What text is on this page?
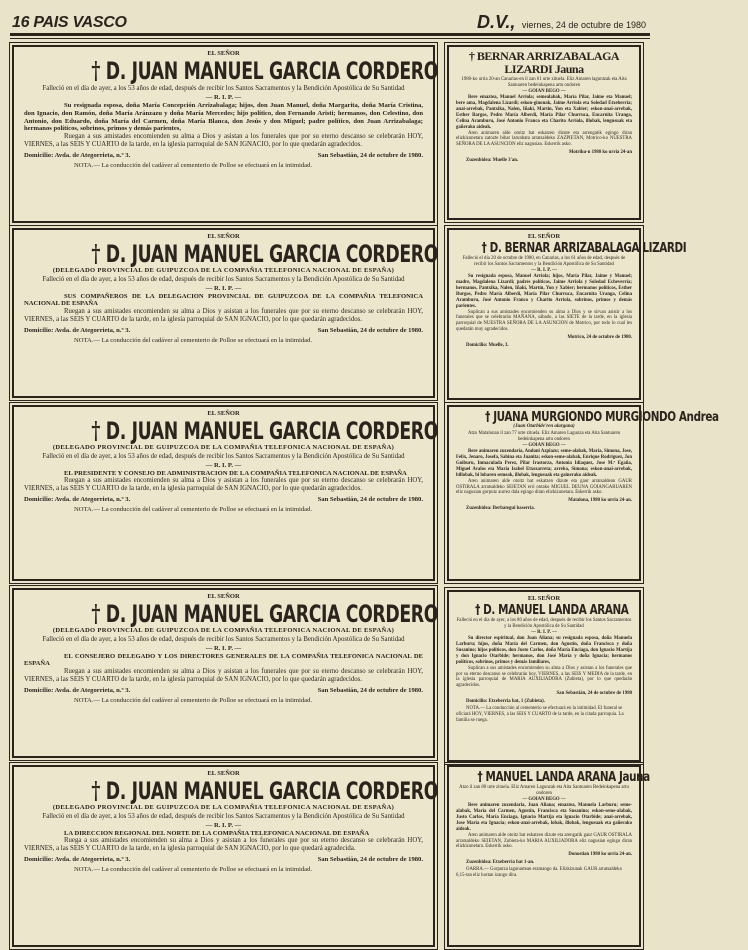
16 PAIS VASCO	D.V., viernes, 24 de octubre de 1980
EL SEÑOR
† D. JUAN MANUEL GARCIA CORDERO
Falleció en el día de ayer, a los 53 años de edad, después de recibir los Santos Sacramentos y la Bendición Apostólica de Su Santidad
— R. I. P. —
Su resignada esposa, doña María Concepción Arrizabalaga; hijos, don Juan Manuel, doña Margarita, doña María Cristina, don Ignacio, don Ramón, doña María Aránzazu y doña María Mercedes; hijo político, don Fernando Aristi; hermanos, don Celestino, don Antonio, don Eduardo, doña María del Carmen, doña María Blanca, don Jesús y don Miguel; padre político, don Juan Arrizabalaga; hermanos políticos, sobrinos, primos y demás parientes,
Ruegan a sus amistades encomienden su alma a Dios y asistan a los funerales que por su eterno descanso se celebrarán HOY, VIERNES, a las SEIS Y CUARTO de la tarde, en la iglesia parroquial de SAN IGNACIO, por lo que quedarán agradecidos.
Domicilio: Avda. de Ategorrieta, n.º 3.	San Sebastián, 24 de octubre de 1980.
NOTA.— La conducción del cadáver al cementerio de Polloe se efectuará en la intimidad.
EL SEÑOR
† D. JUAN MANUEL GARCIA CORDERO
(DELEGADO PROVINCIAL DE GUIPUZCOA DE LA COMPAÑIA TELEFONICA NACIONAL DE ESPAÑA)
Falleció en el día de ayer, a los 53 años de edad, después de recibir los Santos Sacramentos y la Bendición Apostólica de Su Santidad
— R. I. P. —
SUS COMPAÑEROS DE LA DELEGACION PROVINCIAL DE GUIPUZCOA DE LA COMPAÑIA TELEFONICA NACIONAL DE ESPAÑA
Ruegan a sus amistades encomienden su alma a Dios y asistan a los funerales que por su eterno descanso se celebrarán HOY, VIERNES, a las SEIS Y CUARTO de la tarde, en la iglesia parroquial de SAN IGNACIO, por lo que quedarán agradecidos.
Domicilio: Avda. de Ategorrieta, n.º 3.	San Sebastián, 24 de octubre de 1980.
NOTA.— La conducción del cadáver al cementerio de Polloe se efectuará en la intimidad.
EL SEÑOR
† D. JUAN MANUEL GARCIA CORDERO
(DELEGADO PROVINCIAL DE GUIPUZCOA DE LA COMPAÑIA TELEFONICA NACIONAL DE ESPAÑA)
Falleció en el día de ayer, a los 53 años de edad, después de recibir los Santos Sacramentos y la Bendición Apostólica de Su Santidad
— R. I. P. —
EL PRESIDENTE Y CONSEJO DE ADMINISTRACION DE LA COMPAÑIA TELEFONICA NACIONAL DE ESPAÑA
Ruegan a sus amistades encomienden su alma a Dios y asistan a los funerales que por su eterno descanso se celebrarán HOY, VIERNES, a las SEIS Y CUARTO de la tarde, en la iglesia parroquial de SAN IGNACIO, por lo que quedarán agradecidos.
Domicilio: Avda. de Ategorrieta, n.º 3.	San Sebastián, 24 de octubre de 1980.
NOTA.— La conducción del cadáver al cementerio de Polloe se efectuará en la intimidad.
EL SEÑOR
† D. JUAN MANUEL GARCIA CORDERO
(DELEGADO PROVINCIAL DE GUIPUZCOA DE LA COMPAÑIA TELEFONICA NACIONAL DE ESPAÑA)
Falleció en el día de ayer, a los 53 años de edad, después de recibir los Santos Sacramentos y la Bendición Apostólica de Su Santidad
— R. I. P. —
EL CONSEJERO DELEGADO Y LOS DIRECTORES GENERALES DE LA COMPAÑIA TELEFONICA NACIONAL DE ESPAÑA
Ruegan a sus amistades encomienden su alma a Dios y asistan a los funerales que por su eterno descanso se celebrarán HOY, VIERNES, a las SEIS Y CUARTO de la tarde, en la iglesia parroquial de SAN IGNACIO, por lo que quedarán agradecidos.
Domicilio: Avda. de Ategorrieta, n.º 3.	San Sebastián, 24 de octubre de 1980.
NOTA.— La conducción del cadáver al cementerio de Polloe se efectuará en la intimidad.
EL SEÑOR
† D. JUAN MANUEL GARCIA CORDERO
(DELEGADO PROVINCIAL DE GUIPUZCOA DE LA COMPAÑIA TELEFONICA NACIONAL DE ESPAÑA)
Falleció en el día de ayer, a los 53 años de edad, después de recibir los Santos Sacramentos y la Bendición Apostólica de Su Santidad
— R. I. P. —
LA DIRECCION REGIONAL DEL NORTE DE LA COMPAÑIA TELEFONICA NACIONAL DE ESPAÑA
Ruega a sus amistades encomienden su alma a Dios y asistan a los funerales que por su eterno descanso se celebrarán HOY, VIERNES, a las SEIS Y CUARTO de la tarde, en la iglesia parroquial de SAN IGNACIO, por lo que quedará agradecida.
Domicilio: Avda. de Ategorrieta, n.º 3.	San Sebastián, 24 de octubre de 1980.
NOTA.— La conducción del cadáver al cementerio de Polloe se efectuará en la intimidad.
† BERNAR ARRIZABALAGA LIZARDI Jauna
1980-ko urria 20-an Canarias-en il zan 61 urte zituela. Eliz Amaren laguntzak eta Aita Santuaren bedeinkapena artu ondoren
— GOIAN BEGO —
Bere emaztea, Manuel Arriola; semealabak, María Pilar, Jaime eta Manuel; bere ama, Magdalena Lizardi; eskon-ginonak, Jaime Arriola eta Soledad Etxeberria; anai-arrebak, Pantxika, Nalen, Iñaki, Martin, Yon eta Xabier; eskon-anai-arrebak, Esther Bargos, Pedro María Alberdi, María Pilar Churruca, Encarnita Uranga, Celina Aramburu, José Antonio Franco eta Charito Arriola, illobak, lengusuak eta gañerako aideak.
Aren animaren alde otoitz bat eskatzen dizute eta arrengatik egingo diran elizkizunetara zatozte bihar larunbata arratsaldeko ZAZPIETAN, Motrico-ko NUESTRA SEÑORA DE LA ASUNCION eliz nagusian. Eskerrik asko.
Motriku-n 1980 ko urria 24-an
Zuzenbidea: Muelle 3'an.
EL SEÑOR
† D. BERNAR ARRIZABALAGA LIZARDI
Falleció el día 20 de octubre de 1980, en Canarias, a los 61 años de edad, después de recibir los Santos Sacramentos y la Bendición Apostólica de Su Santidad
— R. I. P. —
Su resignada esposa, Manuel Arriola; hijos, María Pilar, Jaime y Manuel; madre, Magdalena Lizardi; padres políticos, Jaime Arriola y Soledad Echeverría; hermanos, Pantxika, Nalen, Iñaki, Martín, Yon y Xabier; hermanos políticos, Esther Burgos, Pedro María Alberdi, María Pilar Churruca, Encarnita Uranga, Celina Aramburu, José Antonio Franco y Charito Arriola, sobrinos, primos y demás parientes.
Suplican a sus amistades encomienden su alma a Dios y se sirvan asistir a los funerales que se celebrarán MAÑANA, sábado, a las SIETE de la tarde, en la iglesia parroquial de NUESTRA SEÑORA DE LA ASUNCION de Motrico, por todo lo cual les quedarán muy agradecidos.
Motrico, 24 de octubre de 1980.
Domicilio: Muelle, 3.
† JUANA MURGIONDO MURGIONDO Andrea
(Juan Otarbide'ren alargana)
Atzo Matalonan il zan 77 urte zituela. Eliz Amaren Lagunza eta Aita Santuaren bedeinkapena artu ondoren
— GOIAN BEGO —
Bere animaren zuzendaria, Andoni Azpiazu; seme-alabak, María, Simona, Jose, Felix, Jenaro, Josefa, Sabina eta Juanita; eskon-seme-alabak, Enrique Rodriguez, Jon Goiburu, Inmaculada Perez, Pilar Irastorza, Antonia Idiaquez, Jose M.ª Egaña, Miguel Avalos eta María Isabel Etxezarreta; arreba, Simona; eskon-anai-arrebak, billobak, bi lobaren semeak, illobak, lengusuak eta gainerako aideak.
Aren animaren alde otoitz bat eskatzen dizute eta gaur arratsaldean GAUR OSTIRALA arratsaldeko SEIETAN erri ontako MIGUEL DEUNA GOIANGARUAREN eliz nagusian gorputz aurrez dala egingo diran elizkizunetara. Eskerrik asko.
Matalona, 1980 ko urria 24-an.
Zuzenbidea: Berbategui baserria.
EL SEÑOR
† D. MANUEL LANDA ARANA
Falleció en el día de ayer, a los 80 años de edad, después de recibir los Santos Sacramentos y la Bendición Apostólica de Su Santidad
— R. I. P. —
Su director espiritual, don Juan Aliana; su resignada esposa, doña Manuela Larburu; hijos, doña María del Carmen, don Agustín, doña Francisca y doña Susanino; hijos políticos, don Justo Carlos, doña María Enciaga, don Ignacio Martija y don Ignacio Otarbide; hermanos, don José María y doña Ignacia; hermanos políticos, sobrinos, primos y demás familiares,
Suplican a sus amistades encomienden su alma a Dios y asistan a los funerales que por su eterno descanso se celebrarán hoy, VIERNES, a las SEIS Y MEDIA de la tarde, en la iglesia parroquial de MARIA AUXILIADORA (Zubieta), por lo que quedarán agradecidos.
San Sebastián, 24 de octubre de 1980
Domicilio: Etxeberria bat, 1 (Zubieta).
NOTA.— La conducción al cementerio se efectuará en la intimidad. El funeral se oficiará HOY, VIERNES, a las SEIS Y CUARTO de la tarde, en la citada parroquia. La familia se ruega.
† MANUEL LANDA ARANA Jauna
Atzo il zan 80 urte zituela. Eliz Amaren Lagunzak eta Aita Santuaren Bedeinkapena artu ondoren
— GOIAN BEGO —
Bere animaren zuzendaria, Juan Aliana; emaztea, Manuela Larburu; seme-alabak, María del Carmen, Agustín, Francisca eta Susanino; eskon-seme-alabak, Justo Carlos, María Enciaga, Ignacio Martija eta Ignacio Otarbide; anai-arrebak, Jose María eta Ignacia; eskon-anai-arrebak, lobak, illobak, lengusuak eta gañerako aideak.
Aren animaren alde otoitz bat eskatzen dizute eta arengatik gaur GAUR OSTIRALA arratsaldeko SEIETAN, Zubieta-ko MARIA AUXILIADORA eliz nagusian egingo diran elizkizunetara. Eskerrik asko.
Donostian 1980 ko urria 24-an.
Zuzenbidea: Etxeberria bat 1-an.
OARRA.— Gorputza lagunartean eramango da. Elizkizunak GAUR arratsaldeko 6,15-tan eliz hortan izango dira.
